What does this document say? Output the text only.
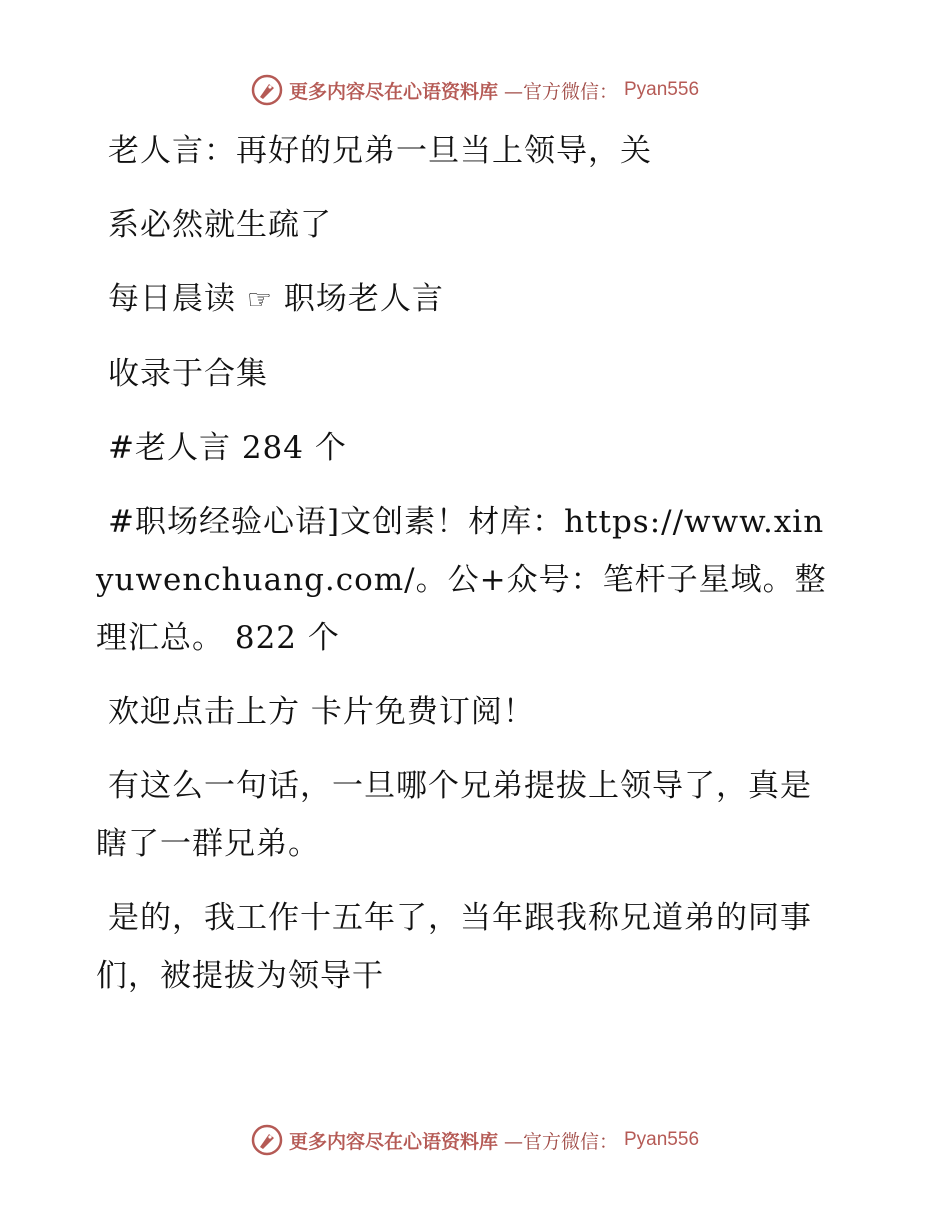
更多内容尽在心语资料库 —官方微信： Pyan556

老人言：再好的兄弟一旦当上领导，关

系必然就生疏了

每日晨读 ☞ 职场老人言

收录于合集

#老人言 284 个

#职场经验心语]文创素！材库：https://www.xinyuwenchuang.com/。公+众号：笔杆子星域。整理汇总。 822 个

欢迎点击上方 卡片免费订阅！

有这么一句话，一旦哪个兄弟提拔上领导了，真是瞎了一群兄弟。

是的，我工作十五年了，当年跟我称兄道弟的同事们，被提拔为领导干

更多内容尽在心语资料库 —官方微信： Pyan556
